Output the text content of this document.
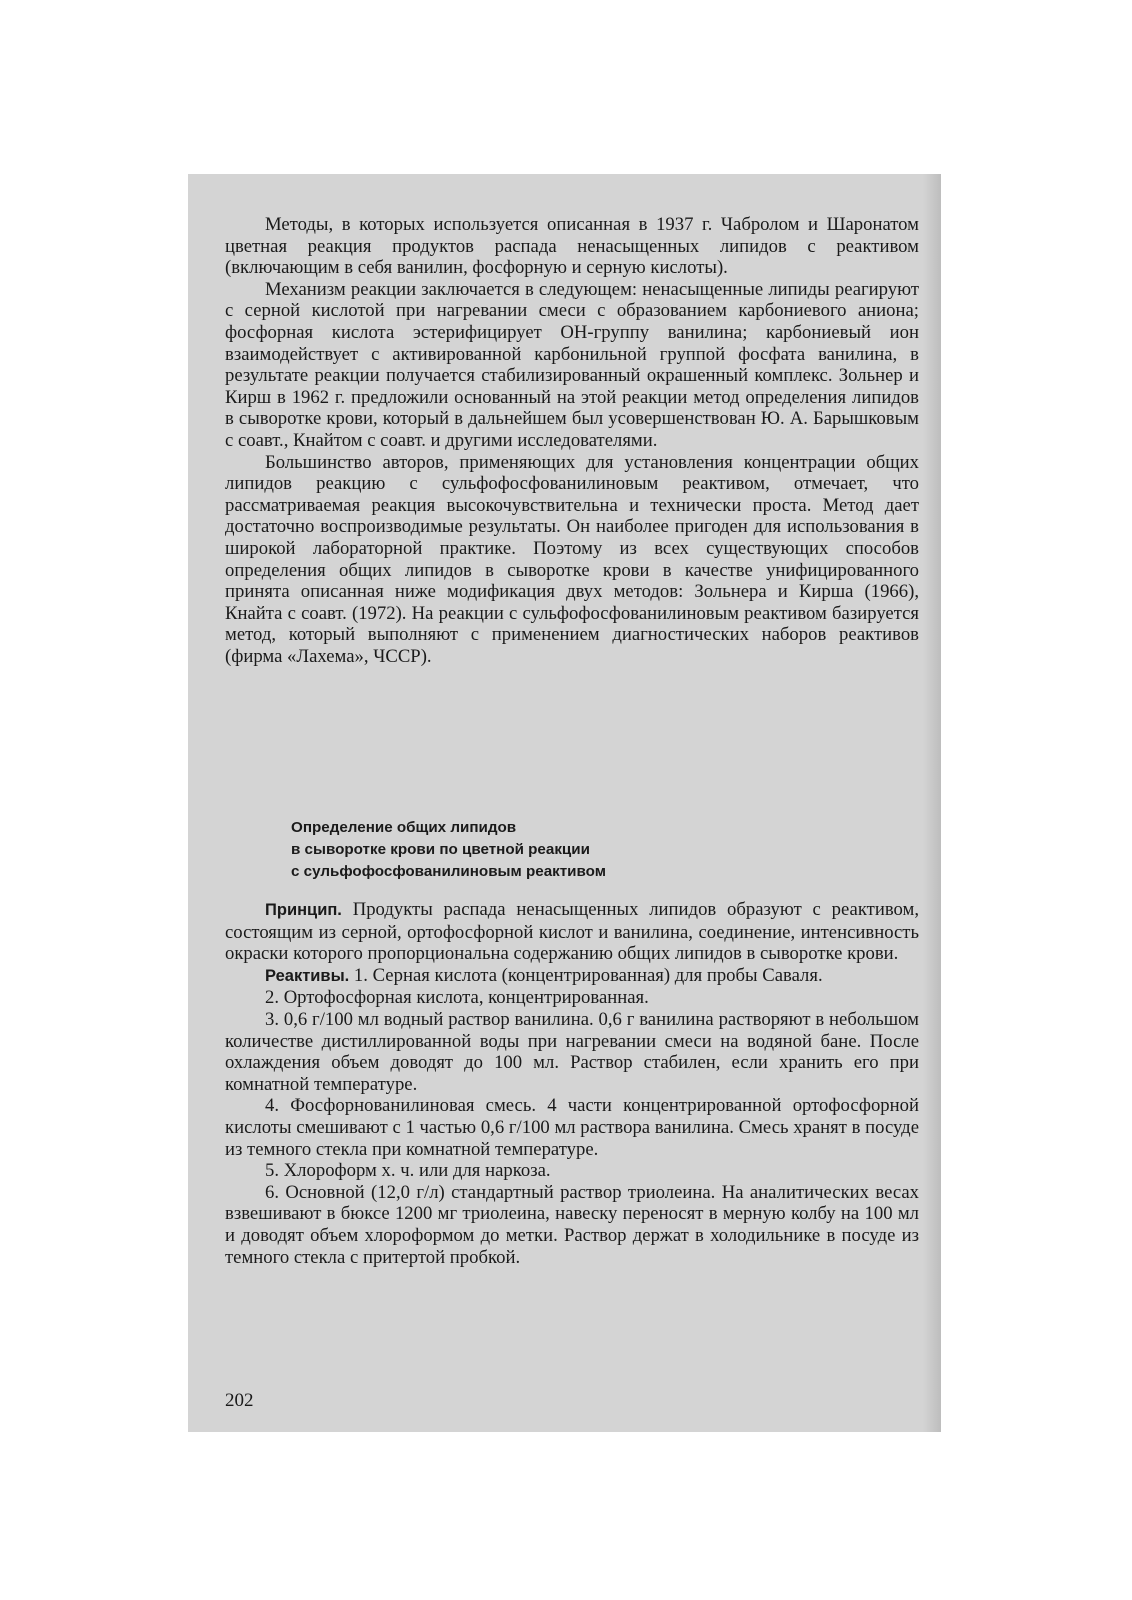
Методы, в которых используется описанная в 1937 г. Чабролом и Шаронатом цветная реакция продуктов распада ненасыщенных липидов с реактивом (включающим в себя ванилин, фосфорную и серную кислоты).

Механизм реакции заключается в следующем: ненасыщенные липиды реагируют с серной кислотой при нагревании смеси с образованием карбониевого аниона; фосфорная кислота эстерифицирует ОН-группу ванилина; карбониевый ион взаимодействует с активированной карбонильной группой фосфата ванилина, в результате реакции получается стабилизированный окрашенный комплекс. Зольнер и Кирш в 1962 г. предложили основанный на этой реакции метод определения липидов в сыворотке крови, который в дальнейшем был усовершенствован Ю. А. Барышковым с соавт., Кнайтом с соавт. и другими исследователями.

Большинство авторов, применяющих для установления концентрации общих липидов реакцию с сульфофосфованилиновым реактивом, отмечает, что рассматриваемая реакция высокочувствительна и технически проста. Метод дает достаточно воспроизводимые результаты. Он наиболее пригоден для использования в широкой лабораторной практике. Поэтому из всех существующих способов определения общих липидов в сыворотке крови в качестве унифицированного принята описанная ниже модификация двух методов: Зольнера и Кирша (1966), Кнайта с соавт. (1972). На реакции с сульфофосфованилиновым реактивом базируется метод, который выполняют с применением диагностических наборов реактивов (фирма «Лахема», ЧССР).

Определение общих липидов
в сыворотке крови по цветной реакции
с сульфофосфованилиновым реактивом

Принцип. Продукты распада ненасыщенных липидов образуют с реактивом, состоящим из серной, ортофосфорной кислот и ванилина, соединение, интенсивность окраски которого пропорциональна содержанию общих липидов в сыворотке крови.

Реактивы. 1. Серная кислота (концентрированная) для пробы Саваля.

2. Ортофосфорная кислота, концентрированная.

3. 0,6 г/100 мл водный раствор ванилина. 0,6 г ванилина растворяют в небольшом количестве дистиллированной воды при нагревании смеси на водяной бане. После охлаждения объем доводят до 100 мл. Раствор стабилен, если хранить его при комнатной температуре.

4. Фосфорнованилиновая смесь. 4 части концентрированной ортофосфорной кислоты смешивают с 1 частью 0,6 г/100 мл раствора ванилина. Смесь хранят в посуде из темного стекла при комнатной температуре.

5. Хлороформ х. ч. или для наркоза.

6. Основной (12,0 г/л) стандартный раствор триолеина. На аналитических весах взвешивают в бюксе 1200 мг триолеина, навеску переносят в мерную колбу на 100 мл и доводят объем хлороформом до метки. Раствор держат в холодильнике в посуде из темного стекла с притертой пробкой.

202
